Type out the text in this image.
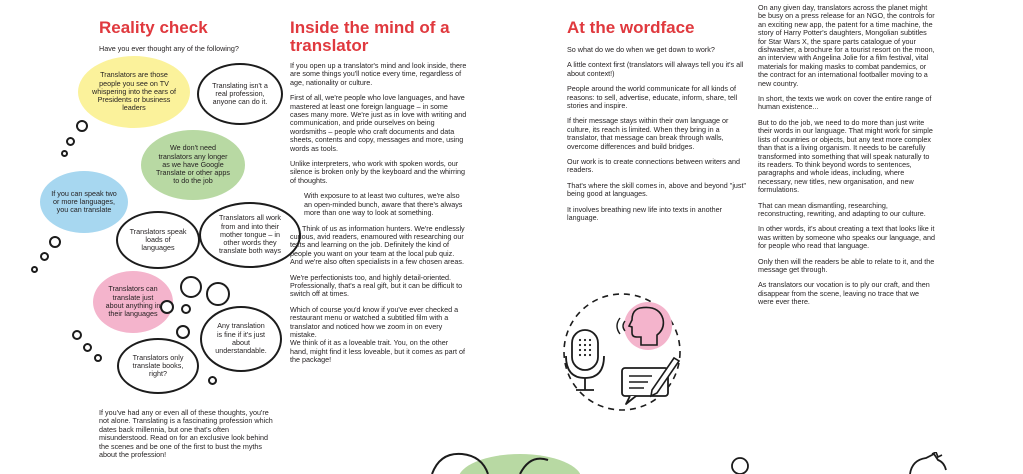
Reality check

Have you ever thought any of the following?

Translators are those people you see on TV whispering into the ears of Presidents or business leaders
Translating isn't a real profession, anyone can do it.
We don't need translators any longer as we have Google Translate or other apps to do the job
If you can speak two or more languages, you can translate
Translators all work from and into their mother tongue – in other words they translate both ways
Translators speak loads of languages
Translators can translate just about anything in their languages
Any translation is fine if it's just about understandable.
Translators only translate books, right?

If you've had any or even all of these thoughts, you're not alone. Translating is a fascinating profession which dates back millennia, but one that's often misunderstood. Read on for an exclusive look behind the scenes and be one of the first to bust the myths about the profession!

Inside the mind of a
translator

If you open up a translator's mind and look inside, there are some things you'll notice every time, regardless of age, nationality or culture.

First of all, we're people who love languages, and have mastered at least one foreign language – in some cases many more. We're just as in love with writing and communication, and pride ourselves on being wordsmiths – people who craft documents and data sheets, contents and copy, messages and more, using words as tools.

Unlike interpreters, who work with spoken words, our silence is broken only by the keyboard and the whirring of thoughts.

With exposure to at least two cultures, we're also an open-minded bunch, aware that there's always more than one way to look at something.

Think of us as information hunters. We're endlessly curious, avid readers, enamoured with researching our texts and learning on the job. Definitely the kind of people you want on your team at the local pub quiz. And we're also often specialists in a few chosen areas.

We're perfectionists too, and highly detail-oriented. Professionally, that's a real gift, but it can be difficult to switch off at times.

Which of course you'd know if you've ever checked a restaurant menu or watched a subtitled film with a translator and noticed how we zoom in on every mistake.
We think of it as a loveable trait. You, on the other hand, might find it less loveable, but it comes as part of the package!

At the wordface

So what do we do when we get down to work?

A little context first (translators will always tell you it's all about context!)

People around the world communicate for all kinds of reasons: to sell, advertise, educate, inform, share, tell stories and inspire.

If their message stays within their own language or culture, its reach is limited. When they bring in a translator, that message can break through walls, overcome differences and build bridges.

Our work is to create connections between writers and readers.

That's where the skill comes in, above and beyond "just" being good at languages.

It involves breathing new life into texts in another language.

On any given day, translators across the planet might be busy on a press release for an NGO, the controls for an exciting new app, the patent for a time machine, the story of Harry Potter's daughters, Mongolian subtitles for Star Wars X, the spare parts catalogue of your dishwasher, a brochure for a tourist resort on the moon, an interview with Angelina Jolie for a film festival, vital materials for making masks to combat pandemics, or the contract for an international footballer moving to a new country.

In short, the texts we work on cover the entire range of human existence...

But to do the job, we need to do more than just write their words in our language. That might work for simple lists of countries or objects, but any text more complex than that is a living organism. It needs to be carefully transformed into something that will speak naturally to its readers. To think beyond words to sentences, paragraphs and whole ideas, including, where necessary, new titles, new organisation, and new formulations.

That can mean dismantling, researching, reconstructing, rewriting, and adapting to our culture.

In other words, it's about creating a text that looks like it was written by someone who speaks our language, and for people who read that language.

Only then will the readers be able to relate to it, and the message get through.

As translators our vocation is to ply our craft, and then disappear from the scene, leaving no trace that we were ever there.
